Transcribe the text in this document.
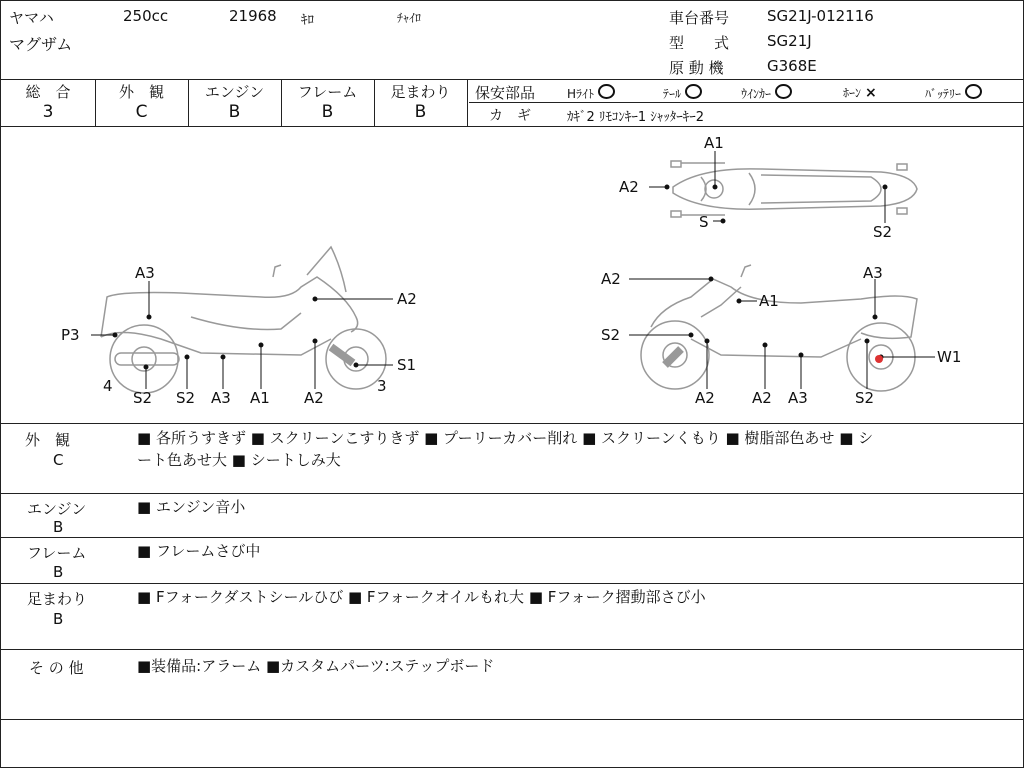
ヤマハ	250cc	21968 ｷﾛ	ﾁｬｲﾛ
マグザム
車台番号	SG21J-012116
型　　式	SG21J
原 動 機	G368E
総　合
3
外　観
C
エンジン
B
フレーム
B
足まわり
B
保安部品	Hﾗｲﾄ	ﾃｰﾙ	ｳｲﾝｶｰ	ﾎｰﾝ ×	ﾊﾞｯﾃﾘｰ
カ　ギ	ｶｷﾞ2 ﾘﾓｺﾝｷｰ1 ｼｬｯﾀｰｷｰ2
A1
A2
S
S2
A3
A2
P3
S1
4	3
S2 S2 A3 A1 A2
A2	A3
A1
S2
W1
A2 A2 A3	S2
外　観
C
■ 各所うすきず ■ スクリーンこすりきず ■ プーリーカバー削れ ■ スクリーンくもり ■ 樹脂部色あせ ■ シ
ート色あせ大 ■ シートしみ大
エンジン
B
■ エンジン音小
フレーム
B
■ フレームさび中
足まわり
B
■ Fフォークダストシールひび ■ Fフォークオイルもれ大 ■ Fフォーク摺動部さび小
そ の 他	■装備品:アラーム ■カスタムパーツ:ステップボード
